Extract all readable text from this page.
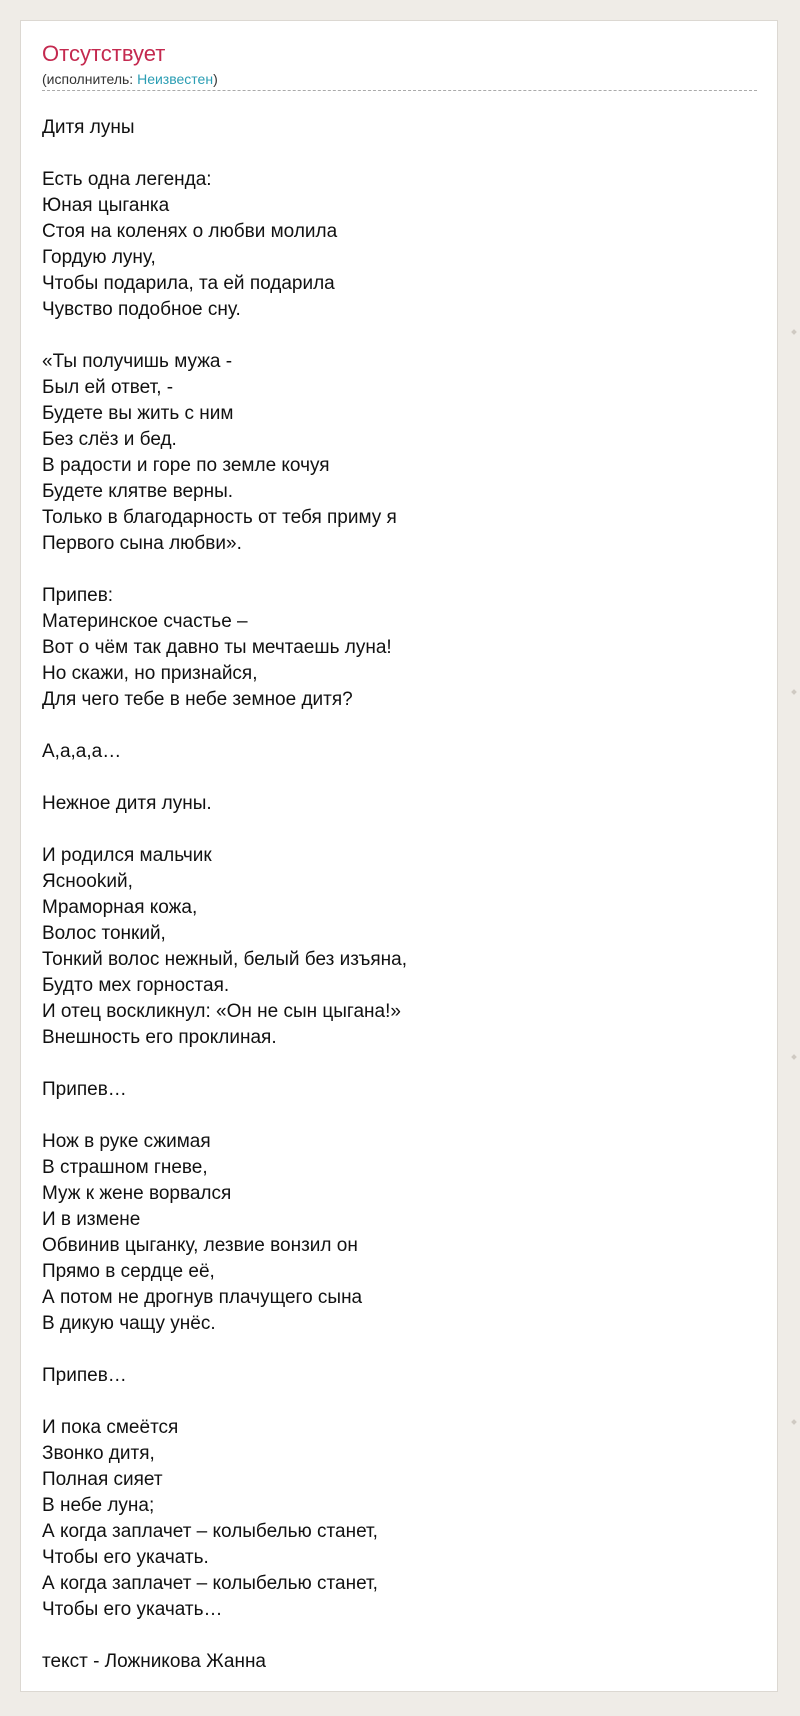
Отсутствует
(исполнитель: Неизвестен)
Дитя луны

Есть одна легенда:
Юная цыганка
Стоя на коленях о любви молила
Гордую луну,
Чтобы подарила, та ей подарила
Чувство подобное сну.

«Ты получишь мужа -
Был ей ответ, -
Будете вы жить с ним
Без слёз и бед.
В радости и горе по земле кочуя
Будете клятве верны.
Только в благодарность от тебя приму я
Первого сына любви».

Припев:
Материнское счастье –
Вот о чём так давно ты мечтаешь луна!
Но скажи, но признайся,
Для чего тебе в небе земное дитя?

А,а,а,а…

Нежное дитя луны.

И родился мальчик
Яснookий,
Мраморная кожа,
Волос тонкий,
Тонкий волос нежный, белый без изъяна,
Будто мех горностая.
И отец воскликнул: «Он не сын цыгана!»
Внешность его проклиная.

Припев…

Нож в руке сжимая
В страшном гневе,
Муж к жене ворвался
И в измене
Обвинив цыганку, лезвие вонзил он
Прямо в сердце её,
А потом не дрогнув плачущего сына
В дикую чащу унёс.

Припев…

И пока смеётся
Звонко дитя,
Полная сияет
В небе луна;
А когда заплачет – колыбелью станет,
Чтобы его укачать.
А когда заплачет – колыбелью станет,
Чтобы его укачать…

текст - Ложникова Жанна
